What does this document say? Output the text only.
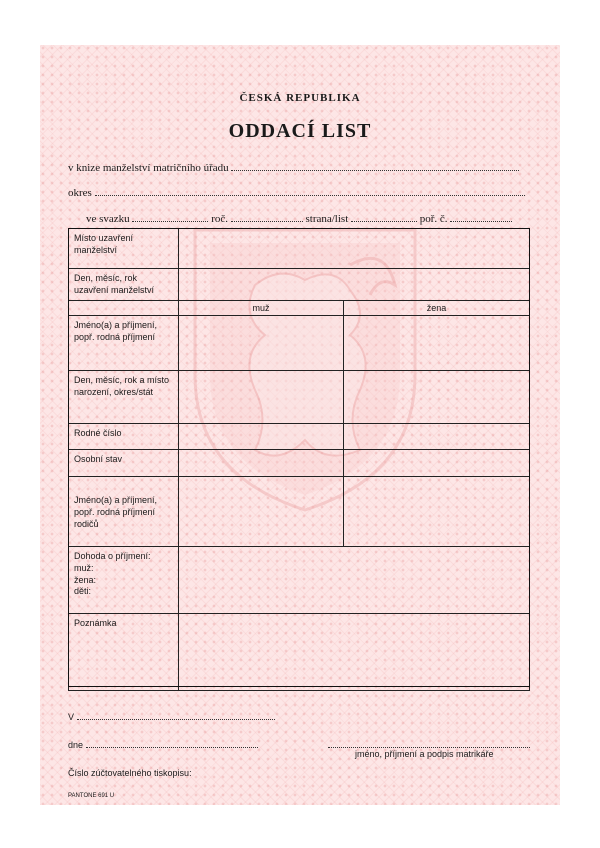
ČESKÁ REPUBLIKA
ODDACÍ LIST
v knize manželství matričního úřadu
okres
ve svazku	roč.	strana/list	poř. č.
Místo uzavření manželství		
Den, měsíc, rok uzavření manželství		
	muž	žena
Jméno(a) a příjmení, popř. rodná příjmení		
Den, měsíc, rok a místo narození, okres/stát		
Rodné číslo		
Osobní stav		
Jméno(a) a příjmení, popř. rodná příjmení rodičů		

Dohoda o příjmení:
muž:
žena:
děti:		

Poznámka		
V
dne
jméno, příjmení a podpis matrikáře
Číslo zúčtovatelného tiskopisu:
PANTONE 691 U
